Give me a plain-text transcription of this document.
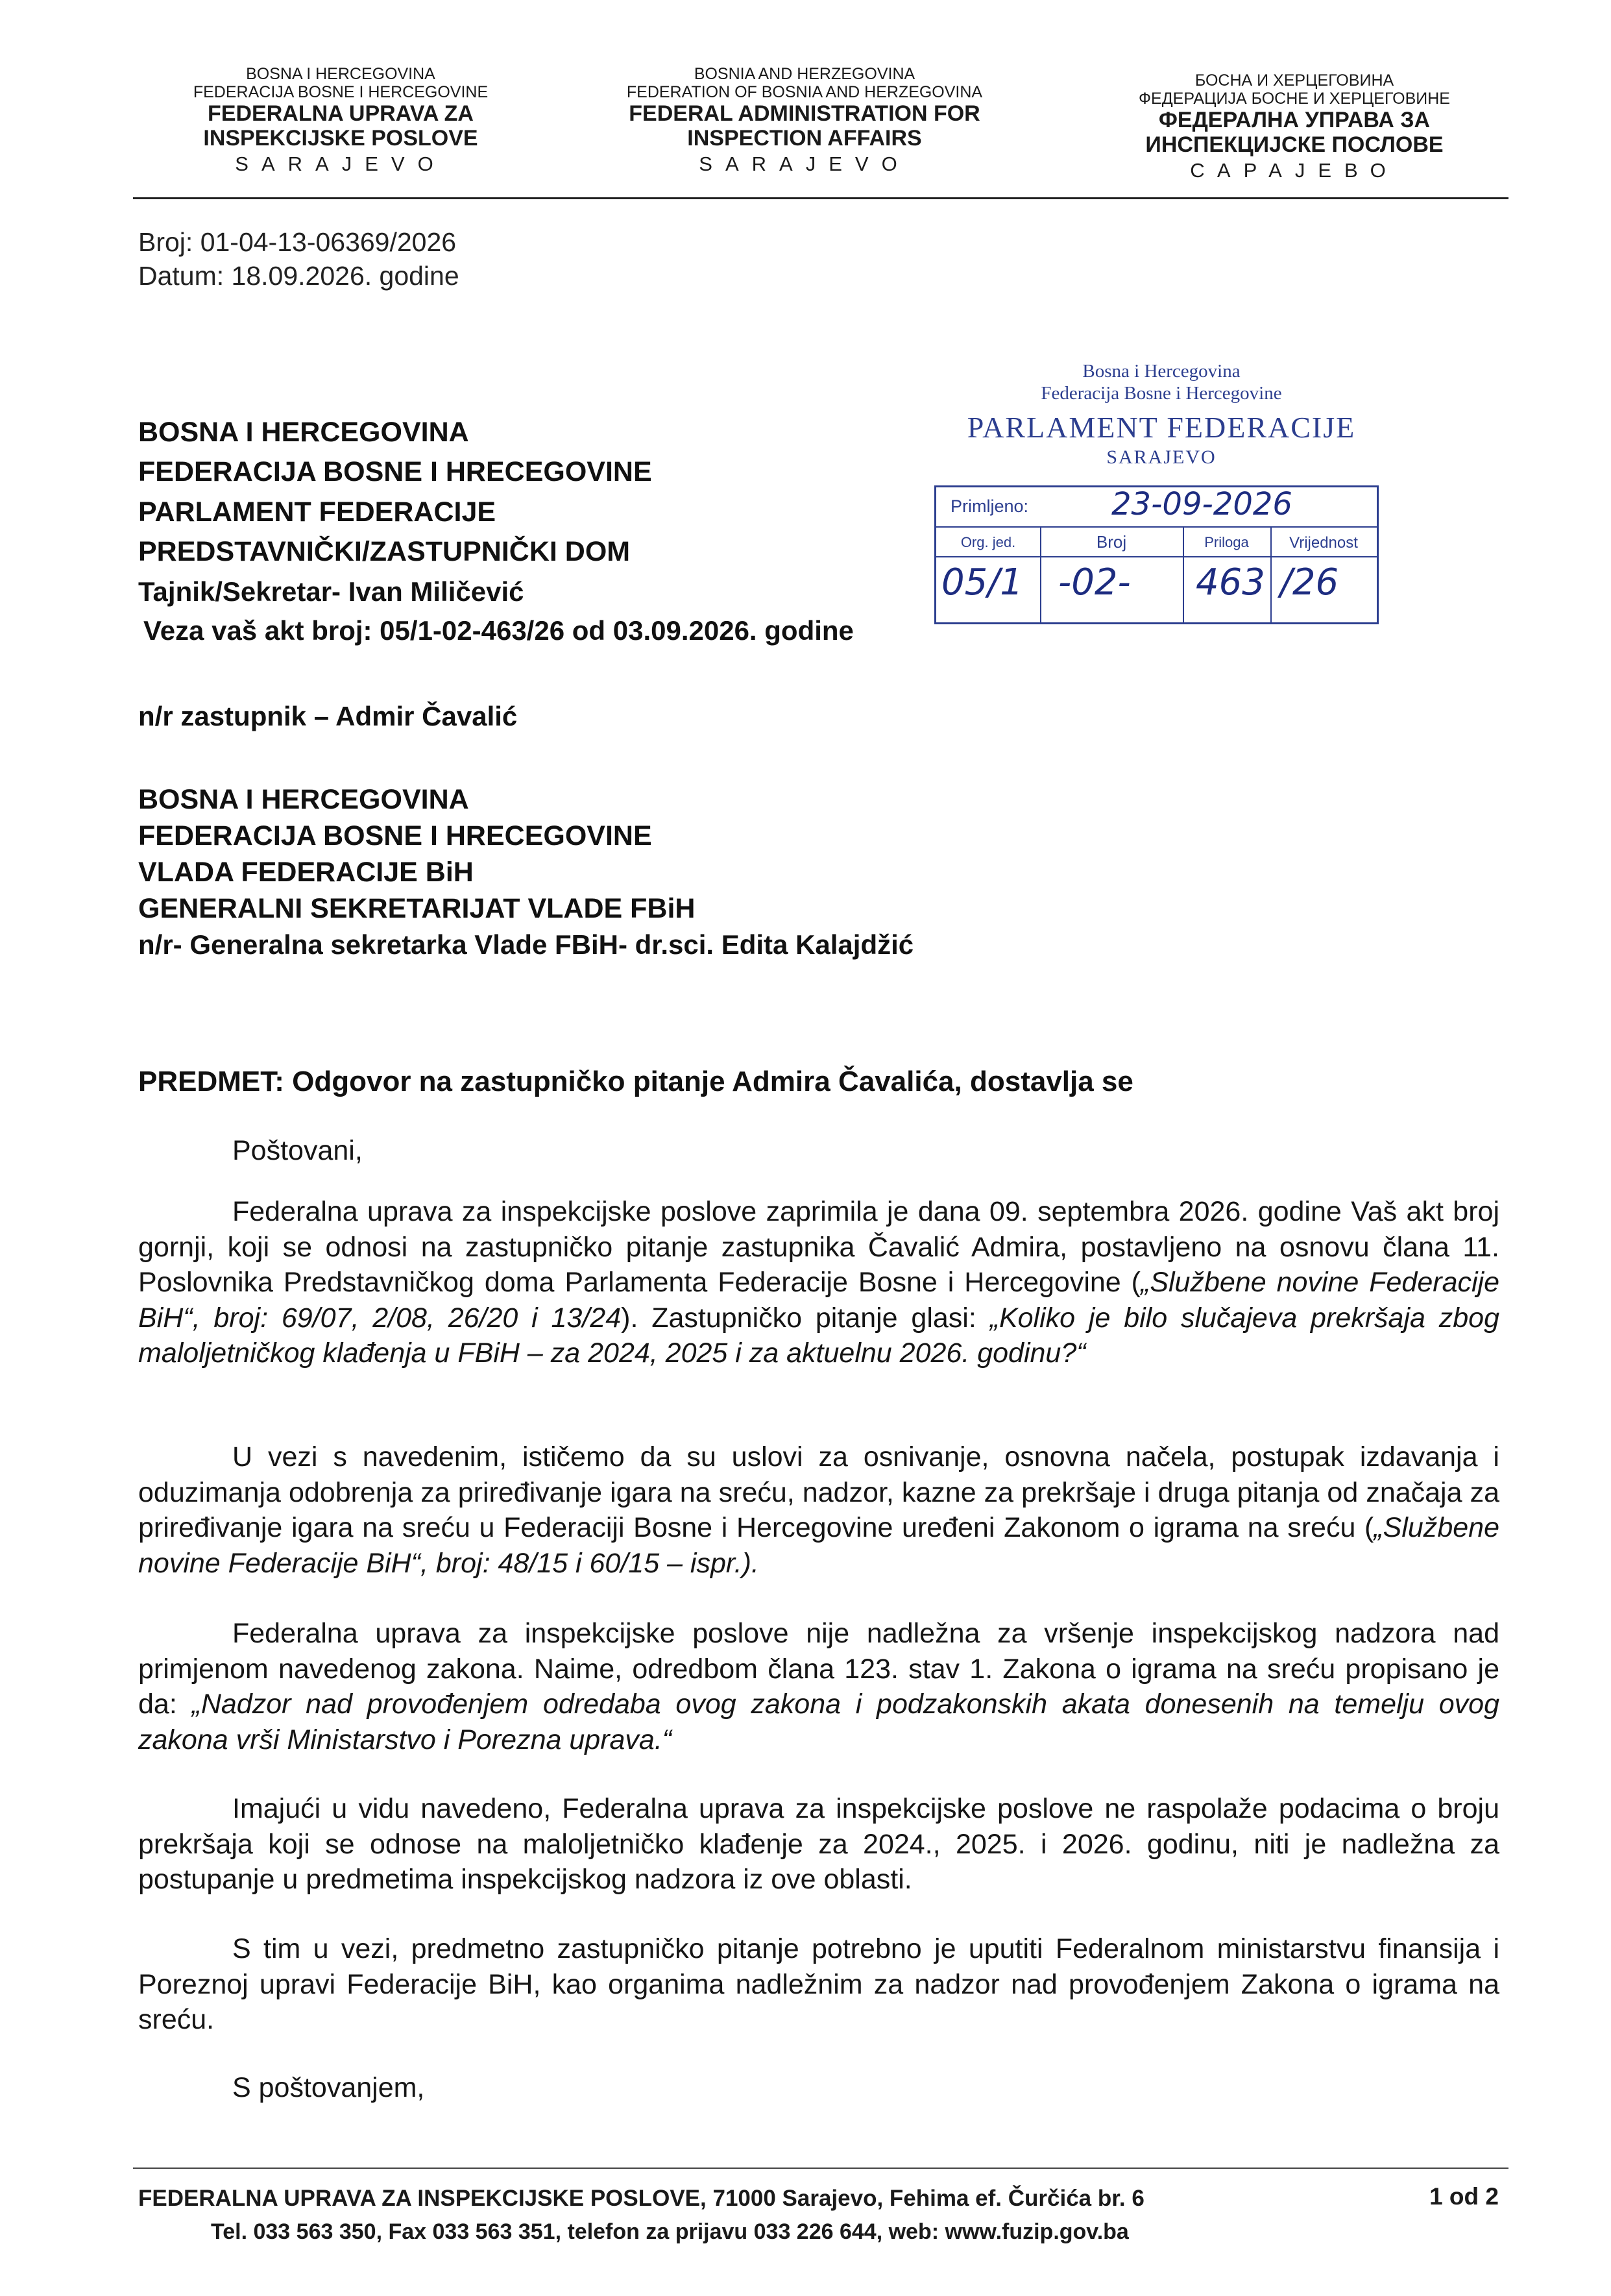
BOSNA I HERCEGOVINA
FEDERACIJA BOSNE I HERCEGOVINE
FEDERALNA UPRAVA ZA
INSPEKCIJSKE POSLOVE
SARAJEVO
BOSNIA AND HERZEGOVINA
FEDERATION OF BOSNIA AND HERZEGOVINA
FEDERAL ADMINISTRATION FOR
INSPECTION AFFAIRS
SARAJEVO
БОСНА И ХЕРЦЕГОВИНА
ФЕДЕРАЦИЈА БОСНЕ И ХЕРЦЕГОВИНЕ
ФЕДЕРАЛНА УПРАВА ЗА
ИНСПЕКЦИЈСКЕ ПОСЛОВЕ
САРАЈЕВО
Broj: 01-04-13-06369/2026
Datum: 18.09.2026. godine
Bosna i Hercegovina
Federacija Bosne i Hercegovine
PARLAMENT FEDERACIJE
SARAJEVO
Primljeno:	23-09-2026
Org. jed.	Broj	Priloga	Vrijednost
05/1 -02- 463 /26
BOSNA I HERCEGOVINA
FEDERACIJA BOSNE I HRECEGOVINE
PARLAMENT FEDERACIJE
PREDSTAVNIČKI/ZASTUPNIČKI DOM
Tajnik/Sekretar- Ivan Miličević
Veza vaš akt broj: 05/1-02-463/26 od 03.09.2026. godine
n/r zastupnik – Admir Čavalić
BOSNA I HERCEGOVINA
FEDERACIJA BOSNE I HRECEGOVINE
VLADA FEDERACIJE BiH
GENERALNI SEKRETARIJAT VLADE FBiH
n/r- Generalna sekretarka Vlade FBiH- dr.sci. Edita Kalajdžić
PREDMET: Odgovor na zastupničko pitanje Admira Čavalića, dostavlja se
Poštovani,
Federalna uprava za inspekcijske poslove zaprimila je dana 09. septembra 2026. godine Vaš akt broj gornji, koji se odnosi na zastupničko pitanje zastupnika Čavalić Admira, postavljeno na osnovu člana 11. Poslovnika Predstavničkog doma Parlamenta Federacije Bosne i Hercegovine („Službene novine Federacije BiH“, broj: 69/07, 2/08, 26/20 i 13/24). Zastupničko pitanje glasi: „Koliko je bilo slučajeva prekršaja zbog maloljetničkog klađenja u FBiH – za 2024, 2025 i za aktuelnu 2026. godinu?“
U vezi s navedenim, ističemo da su uslovi za osnivanje, osnovna načela, postupak izdavanja i oduzimanja odobrenja za priređivanje igara na sreću, nadzor, kazne za prekršaje i druga pitanja od značaja za priređivanje igara na sreću u Federaciji Bosne i Hercegovine uređeni Zakonom o igrama na sreću („Službene novine Federacije BiH“, broj: 48/15 i 60/15 – ispr.).
Federalna uprava za inspekcijske poslove nije nadležna za vršenje inspekcijskog nadzora nad primjenom navedenog zakona. Naime, odredbom člana 123. stav 1. Zakona o igrama na sreću propisano je da: „Nadzor nad provođenjem odredaba ovog zakona i podzakonskih akata donesenih na temelju ovog zakona vrši Ministarstvo i Porezna uprava.“
Imajući u vidu navedeno, Federalna uprava za inspekcijske poslove ne raspolaže podacima o broju prekršaja koji se odnose na maloljetničko klađenje za 2024., 2025. i 2026. godinu, niti je nadležna za postupanje u predmetima inspekcijskog nadzora iz ove oblasti.
S tim u vezi, predmetno zastupničko pitanje potrebno je uputiti Federalnom ministarstvu finansija i Poreznoj upravi Federacije BiH, kao organima nadležnim za nadzor nad provođenjem Zakona o igrama na sreću.
S poštovanjem,
FEDERALNA UPRAVA ZA INSPEKCIJSKE POSLOVE, 71000 Sarajevo, Fehima ef. Čurčića br. 6	1 od 2
Tel. 033 563 350, Fax 033 563 351, telefon za prijavu 033 226 644, web: www.fuzip.gov.ba
